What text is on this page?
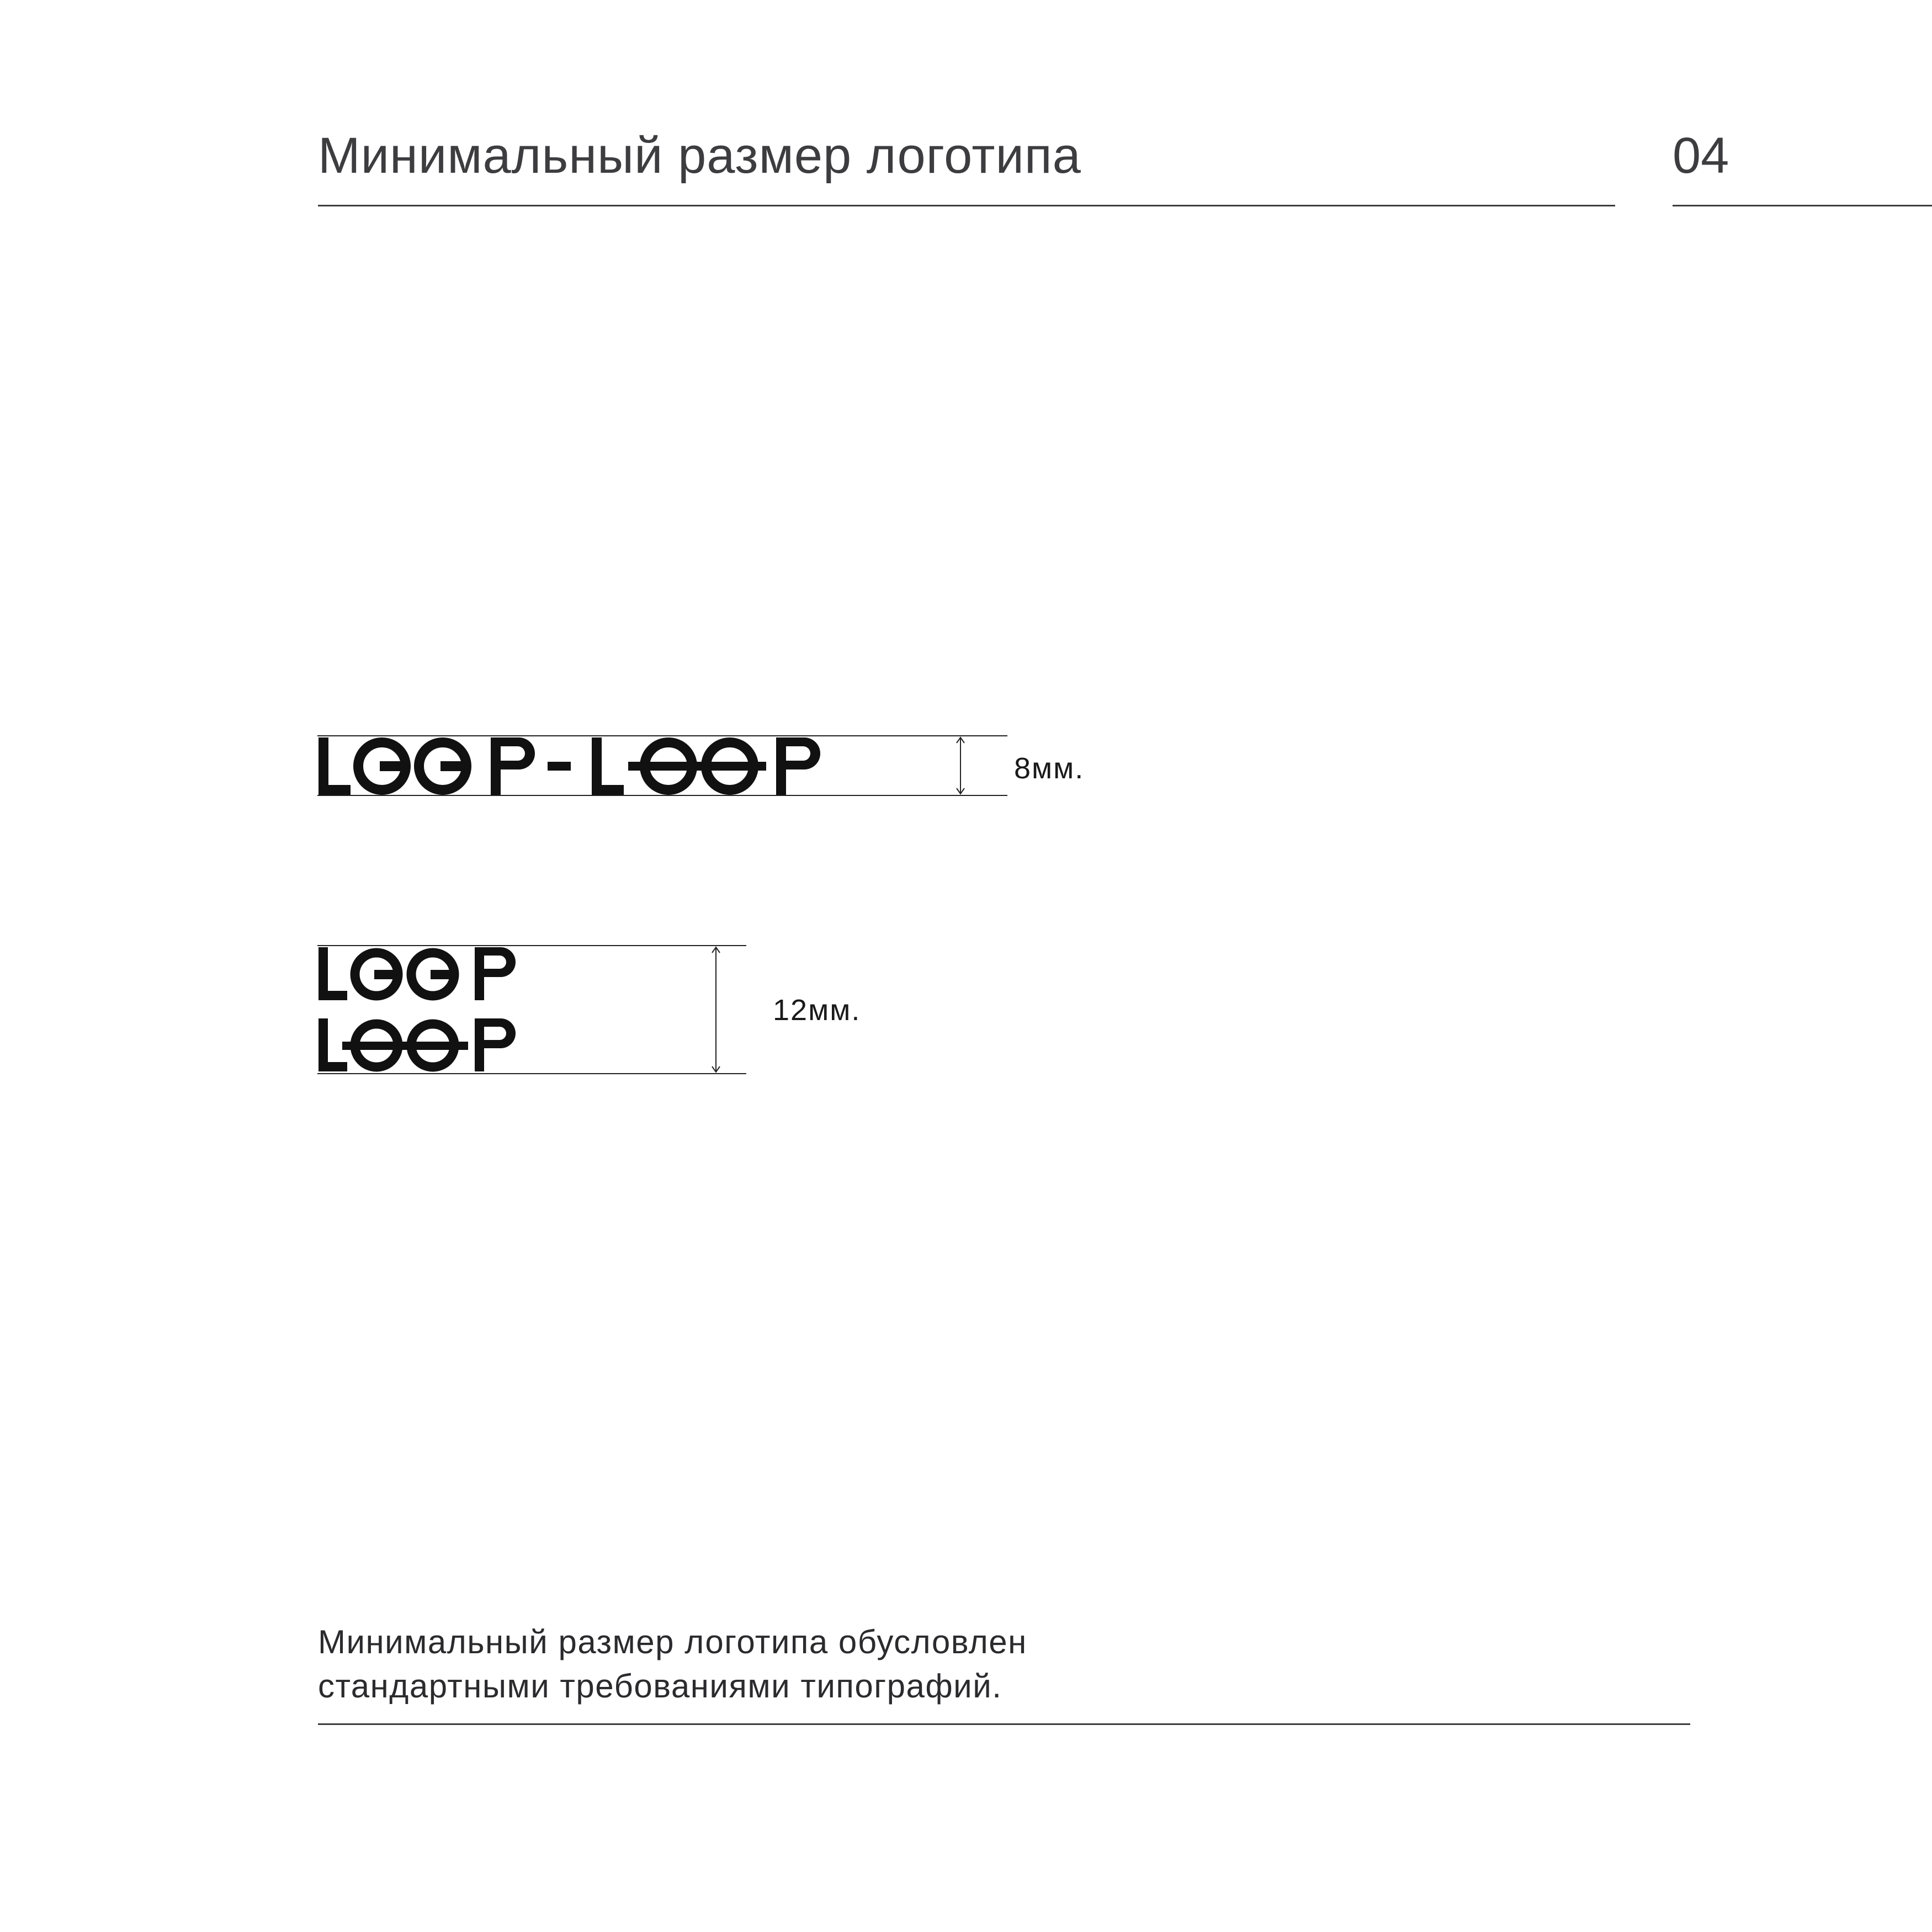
Минимальный размер логотипа	04
8мм.
12мм.
Минимальный размер логотипа обусловлен
стандартными требованиями типографий.
